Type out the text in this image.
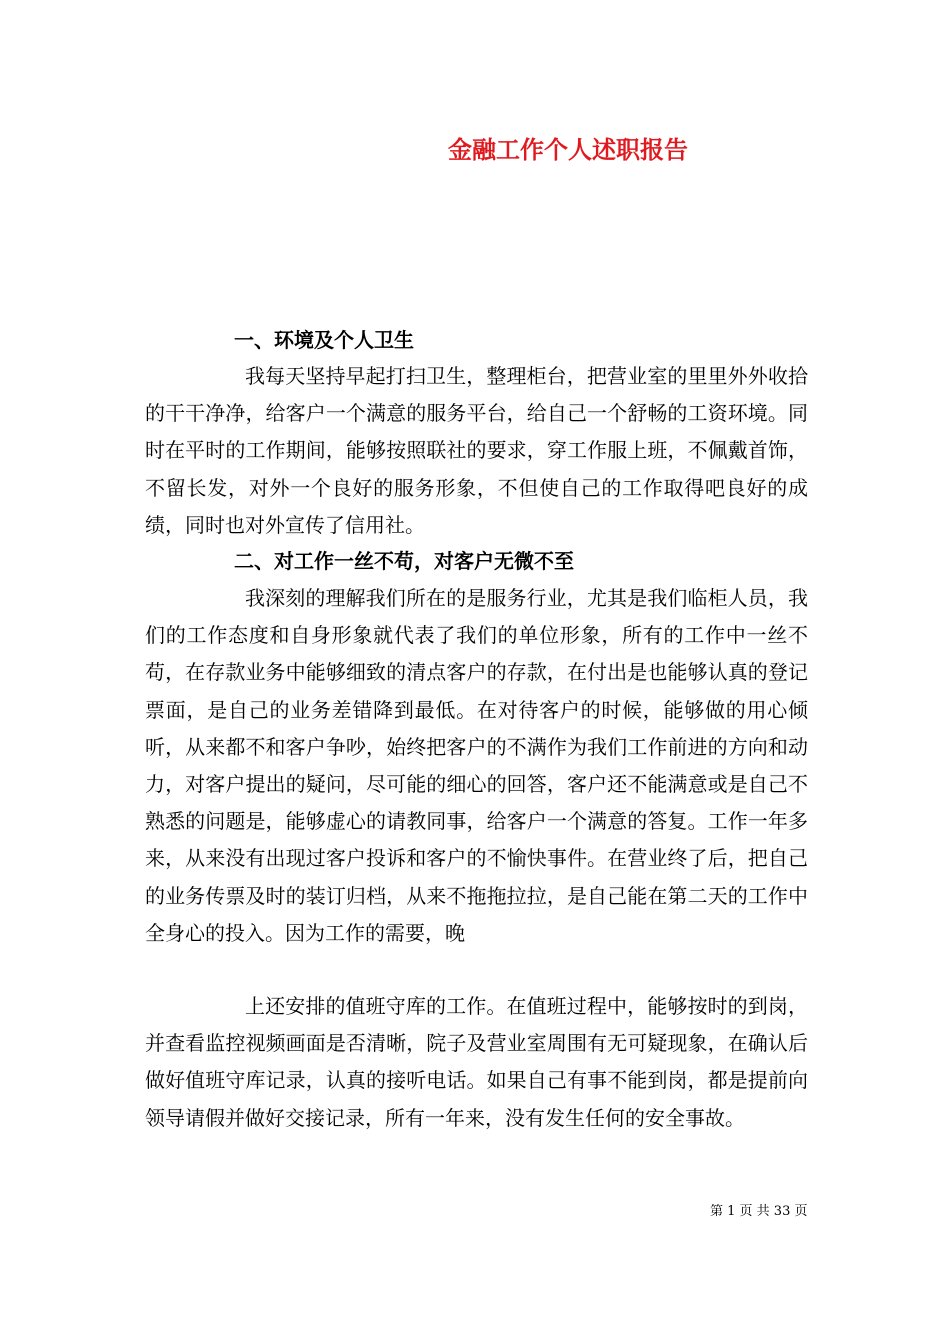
金融工作个人述职报告
一、环境及个人卫生

我每天坚持早起打扫卫生，整理柜台，把营业室的里里外外收拾的干干净净，给客户一个满意的服务平台，给自己一个舒畅的工资环境。同时在平时的工作期间，能够按照联社的要求，穿工作服上班，不佩戴首饰，不留长发，对外一个良好的服务形象，不但使自己的工作取得吧良好的成绩，同时也对外宣传了信用社。

二、对工作一丝不苟，对客户无微不至

我深刻的理解我们所在的是服务行业，尤其是我们临柜人员，我们的工作态度和自身形象就代表了我们的单位形象，所有的工作中一丝不苟，在存款业务中能够细致的清点客户的存款，在付出是也能够认真的登记票面，是自己的业务差错降到最低。在对待客户的时候，能够做的用心倾听，从来都不和客户争吵，始终把客户的不满作为我们工作前进的方向和动力，对客户提出的疑问，尽可能的细心的回答，客户还不能满意或是自己不熟悉的问题是，能够虚心的请教同事，给客户一个满意的答复。工作一年多来，从来没有出现过客户投诉和客户的不愉快事件。在营业终了后，把自己的业务传票及时的装订归档，从来不拖拖拉拉，是自己能在第二天的工作中全身心的投入。因为工作的需要，晚

上还安排的值班守库的工作。在值班过程中，能够按时的到岗，并查看监控视频画面是否清晰，院子及营业室周围有无可疑现象，在确认后做好值班守库记录，认真的接听电话。如果自己有事不能到岗，都是提前向领导请假并做好交接记录，所有一年来，没有发生任何的安全事故。

第 1 页 共 33 页
